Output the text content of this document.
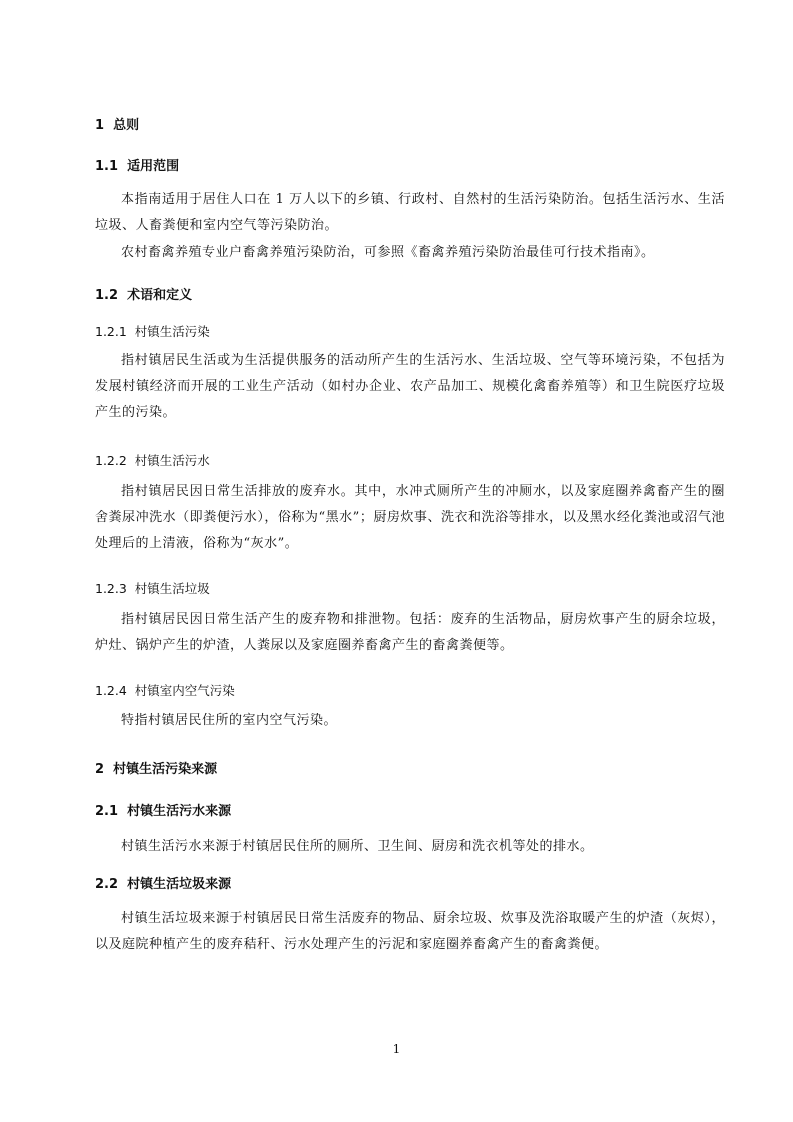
1 总则
1.1 适用范围

本指南适用于居住人口在 1 万人以下的乡镇、行政村、自然村的生活污染防治。包括生活污水、生活垃圾、人畜粪便和室内空气等污染防治。

农村畜禽养殖专业户畜禽养殖污染防治，可参照《畜禽养殖污染防治最佳可行技术指南》。

1.2 术语和定义
1.2.1 村镇生活污染

指村镇居民生活或为生活提供服务的活动所产生的生活污水、生活垃圾、空气等环境污染，不包括为发展村镇经济而开展的工业生产活动（如村办企业、农产品加工、规模化禽畜养殖等）和卫生院医疗垃圾产生的污染。

1.2.2 村镇生活污水

指村镇居民因日常生活排放的废弃水。其中，水冲式厕所产生的冲厕水，以及家庭圈养禽畜产生的圈舍粪尿冲洗水（即粪便污水），俗称为“黑水”；厨房炊事、洗衣和洗浴等排水，以及黑水经化粪池或沼气池处理后的上清液，俗称为“灰水”。

1.2.3 村镇生活垃圾

指村镇居民因日常生活产生的废弃物和排泄物。包括：废弃的生活物品，厨房炊事产生的厨余垃圾，炉灶、锅炉产生的炉渣，人粪尿以及家庭圈养畜禽产生的畜禽粪便等。

1.2.4 村镇室内空气污染

特指村镇居民住所的室内空气污染。

2 村镇生活污染来源
2.1 村镇生活污水来源

村镇生活污水来源于村镇居民住所的厕所、卫生间、厨房和洗衣机等处的排水。

2.2 村镇生活垃圾来源

村镇生活垃圾来源于村镇居民日常生活废弃的物品、厨余垃圾、炊事及洗浴取暖产生的炉渣（灰烬），以及庭院种植产生的废弃秸秆、污水处理产生的污泥和家庭圈养畜禽产生的畜禽粪便。

1
